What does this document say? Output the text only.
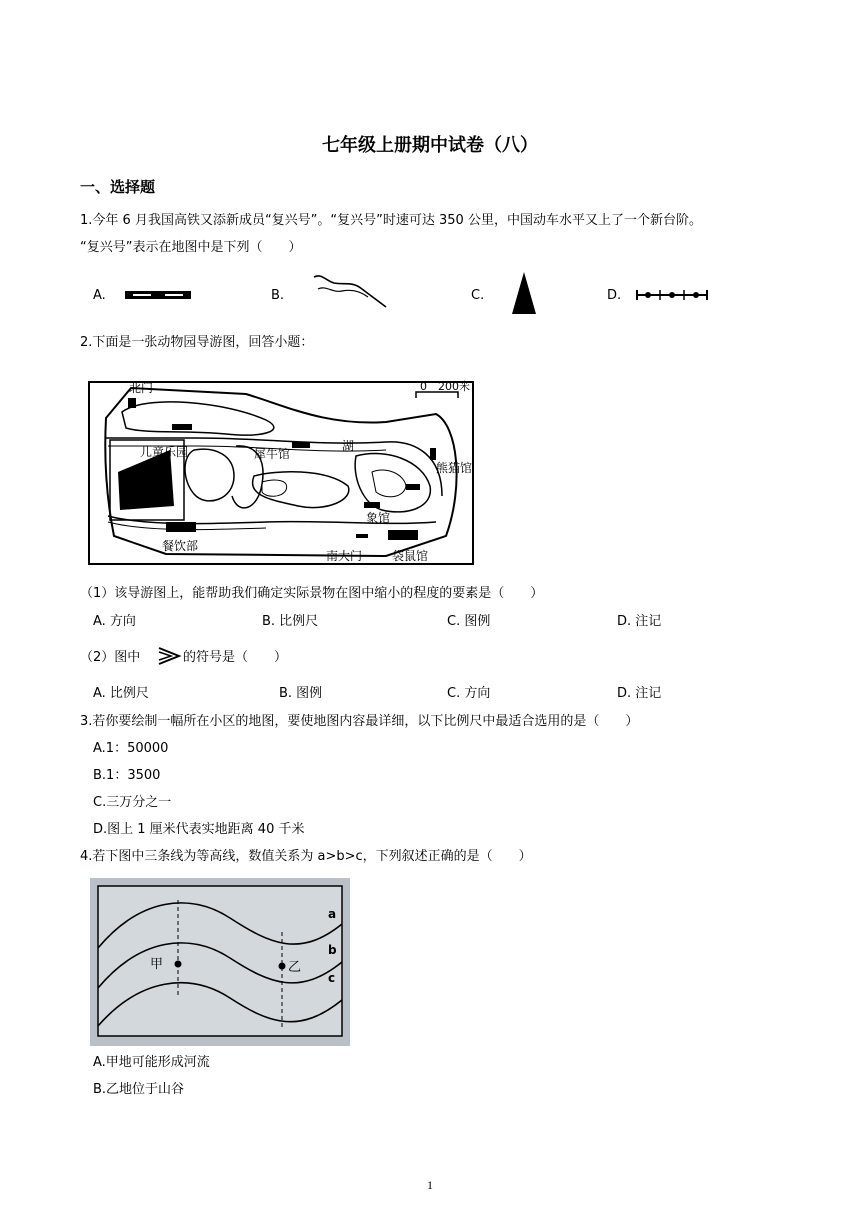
七年级上册期中试卷（八）
一、选择题
1.今年 6 月我国高铁又添新成员“复兴号”。“复兴号”时速可达 350 公里，中国动车水平又上了一个新台阶。
“复兴号”表示在地图中是下列（　　）
A.	B.	C.	D.
2.下面是一张动物园导游图，回答小题：
北门	0　200米
儿童乐园	犀牛馆
湖
熊猫馆
象馆
餐饮部
南大门 袋鼠馆
（1）该导游图上，能帮助我们确定实际景物在图中缩小的程度的要素是（　　）
A. 方向	B. 比例尺	C. 图例	D. 注记
（2）图中	的符号是（　　）
A. 比例尺	B. 图例	C. 方向	D. 注记
3.若你要绘制一幅所在小区的地图，要使地图内容最详细，以下比例尺中最适合选用的是（　　）
A.1：50000
B.1：3500
C.三万分之一
D.图上 1 厘米代表实地距离 40 千米
4.若下图中三条线为等高线，数值关系为 a>b>c，下列叙述正确的是（　　）
甲	乙
a
b
c
A.甲地可能形成河流
B.乙地位于山谷
1
